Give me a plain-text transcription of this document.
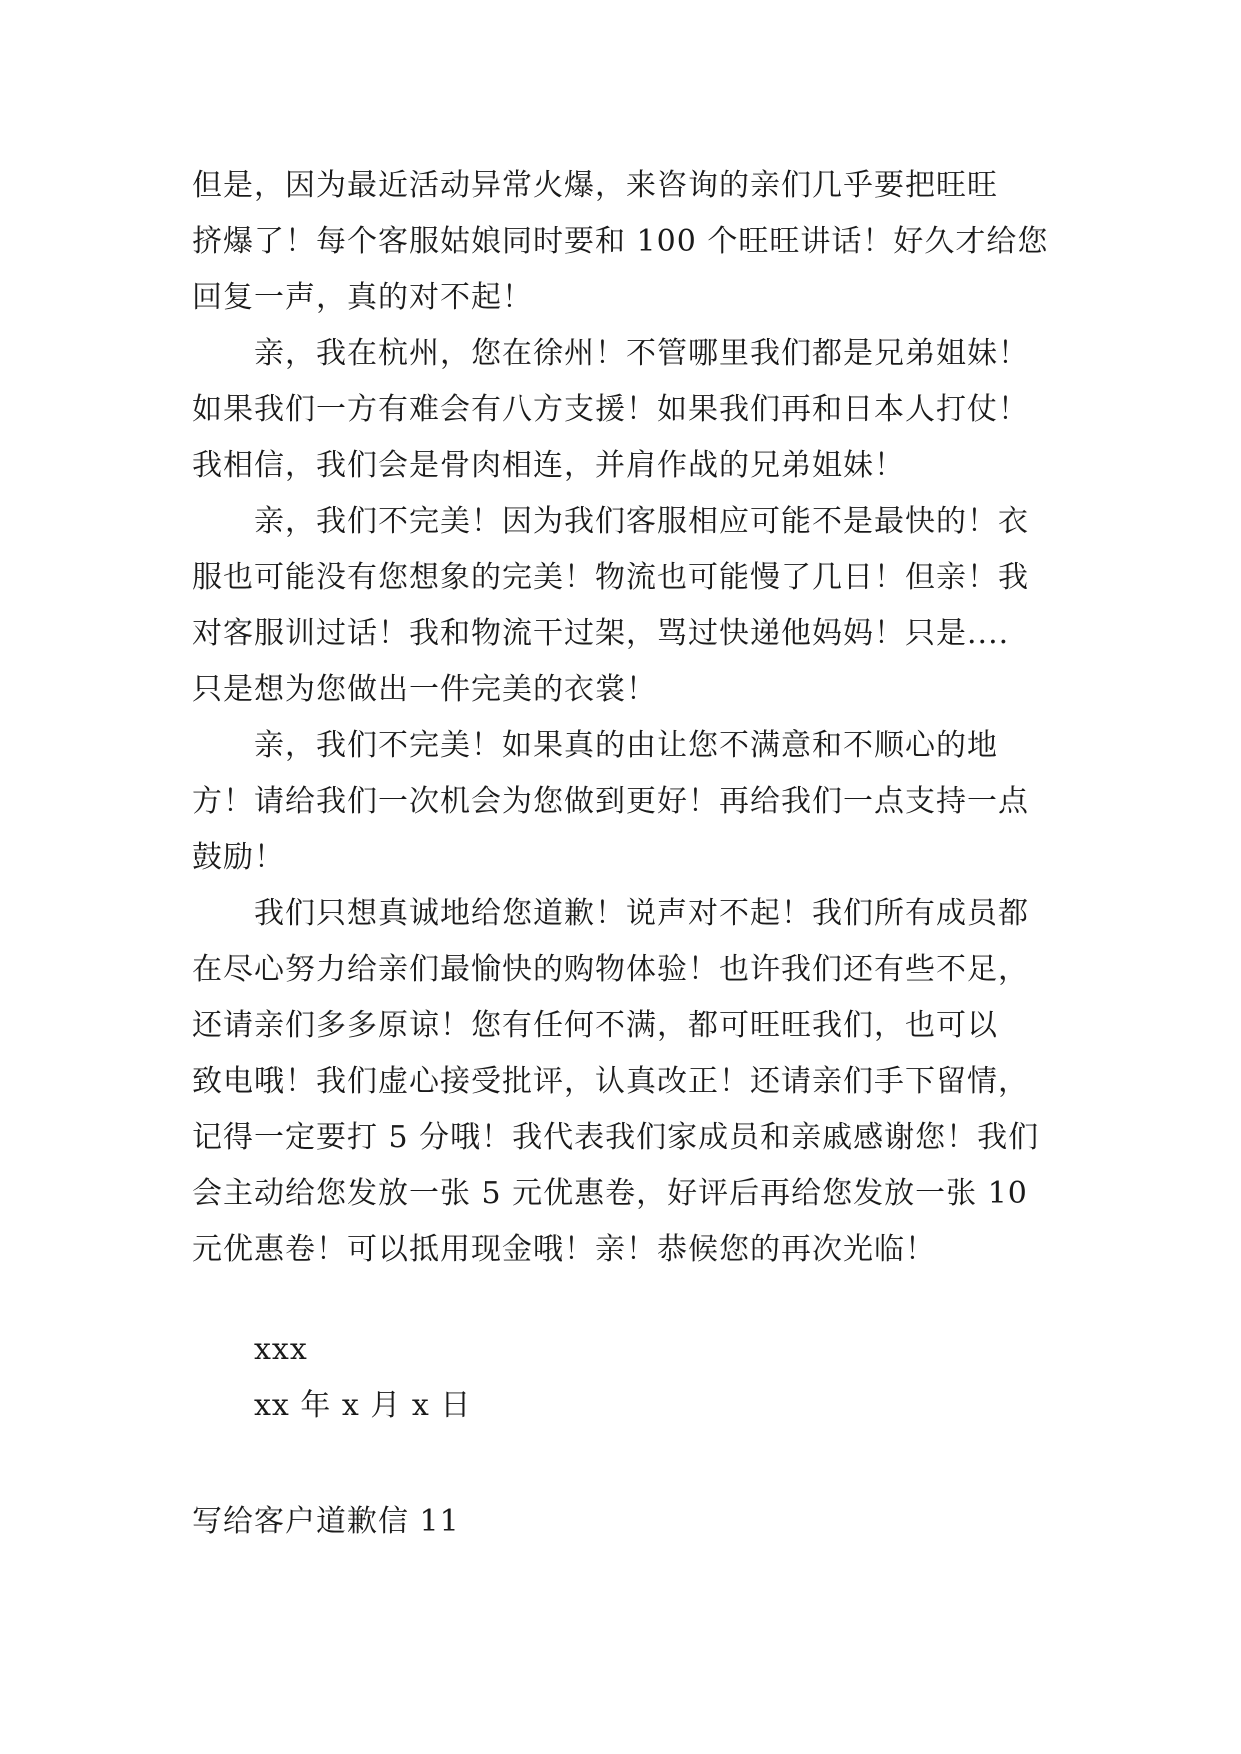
但是，因为最近活动异常火爆，来咨询的亲们几乎要把旺旺
挤爆了！每个客服姑娘同时要和 100 个旺旺讲话！好久才给您
回复一声，真的对不起！
亲，我在杭州，您在徐州！不管哪里我们都是兄弟姐妹！
如果我们一方有难会有八方支援！如果我们再和日本人打仗！
我相信，我们会是骨肉相连，并肩作战的兄弟姐妹！
亲，我们不完美！因为我们客服相应可能不是最快的！衣
服也可能没有您想象的完美！物流也可能慢了几日！但亲！我
对客服训过话！我和物流干过架，骂过快递他妈妈！只是....
只是想为您做出一件完美的衣裳！
亲，我们不完美！如果真的由让您不满意和不顺心的地
方！请给我们一次机会为您做到更好！再给我们一点支持一点
鼓励！
我们只想真诚地给您道歉！说声对不起！我们所有成员都
在尽心努力给亲们最愉快的购物体验！也许我们还有些不足，
还请亲们多多原谅！您有任何不满，都可旺旺我们，也可以
致电哦！我们虚心接受批评，认真改正！还请亲们手下留情，
记得一定要打 5 分哦！我代表我们家成员和亲戚感谢您！我们
会主动给您发放一张 5 元优惠卷，好评后再给您发放一张 10
元优惠卷！可以抵用现金哦！亲！恭候您的再次光临！
xxx
xx 年 x 月 x 日
写给客户道歉信 11
